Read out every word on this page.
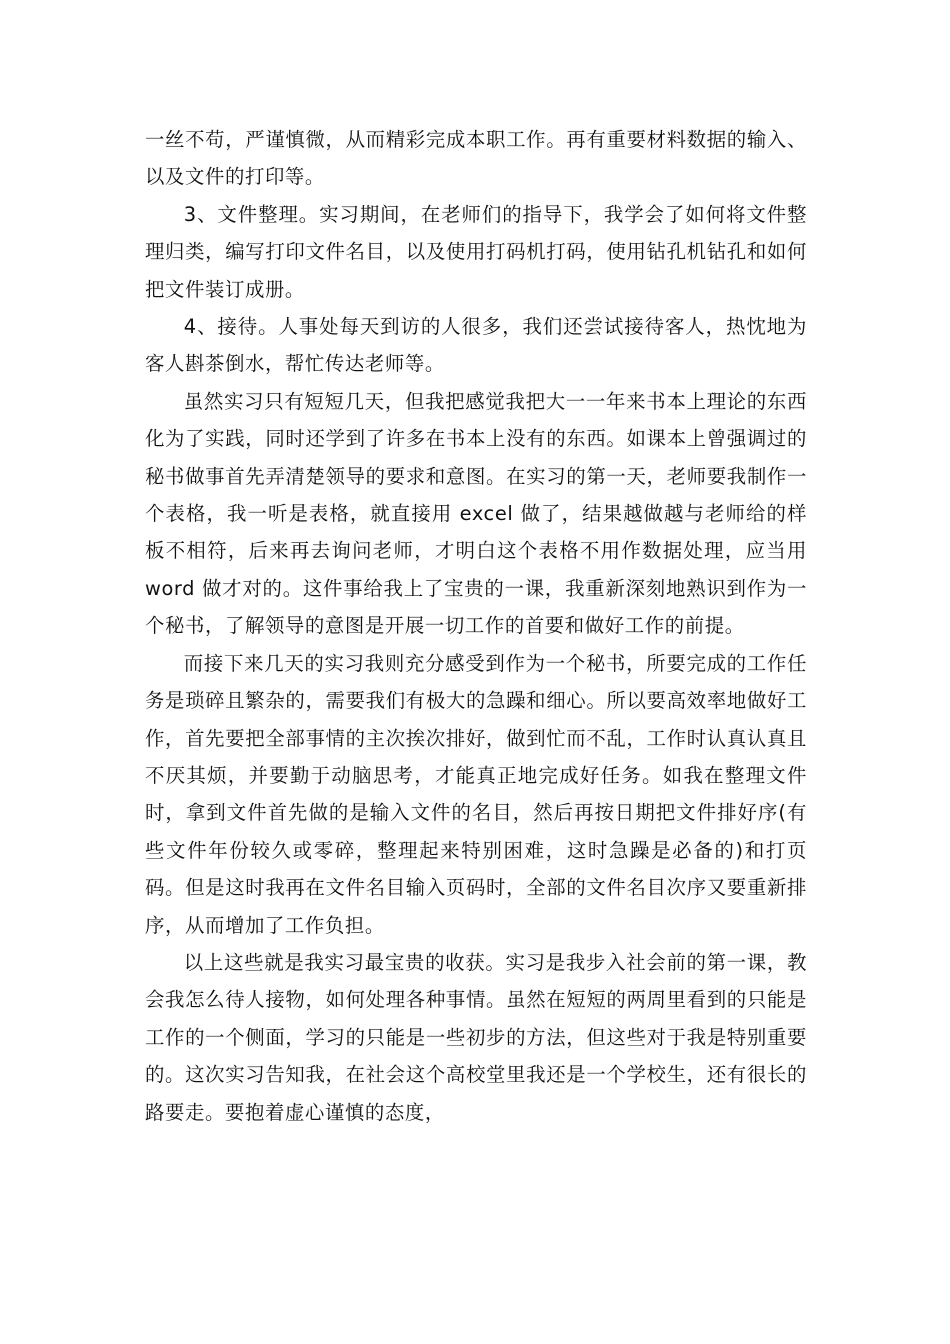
一丝不苟，严谨慎微，从而精彩完成本职工作。再有重要材料数据的输入、以及文件的打印等。

3、文件整理。实习期间，在老师们的指导下，我学会了如何将文件整理归类，编写打印文件名目，以及使用打码机打码，使用钻孔机钻孔和如何把文件装订成册。

4、接待。人事处每天到访的人很多，我们还尝试接待客人，热忱地为客人斟茶倒水，帮忙传达老师等。

虽然实习只有短短几天，但我把感觉我把大一一年来书本上理论的东西化为了实践，同时还学到了许多在书本上没有的东西。如课本上曾强调过的秘书做事首先弄清楚领导的要求和意图。在实习的第一天，老师要我制作一个表格，我一听是表格，就直接用 excel 做了，结果越做越与老师给的样板不相符，后来再去询问老师，才明白这个表格不用作数据处理，应当用 word 做才对的。这件事给我上了宝贵的一课，我重新深刻地熟识到作为一个秘书，了解领导的意图是开展一切工作的首要和做好工作的前提。

而接下来几天的实习我则充分感受到作为一个秘书，所要完成的工作任务是琐碎且繁杂的，需要我们有极大的急躁和细心。所以要高效率地做好工作，首先要把全部事情的主次挨次排好，做到忙而不乱，工作时认真认真且不厌其烦，并要勤于动脑思考，才能真正地完成好任务。如我在整理文件时，拿到文件首先做的是输入文件的名目，然后再按日期把文件排好序(有些文件年份较久或零碎，整理起来特别困难，这时急躁是必备的)和打页码。但是这时我再在文件名目输入页码时，全部的文件名目次序又要重新排序，从而增加了工作负担。

以上这些就是我实习最宝贵的收获。实习是我步入社会前的第一课，教会我怎么待人接物，如何处理各种事情。虽然在短短的两周里看到的只能是工作的一个侧面，学习的只能是一些初步的方法，但这些对于我是特别重要的。这次实习告知我，在社会这个高校堂里我还是一个学校生，还有很长的路要走。要抱着虚心谨慎的态度，
